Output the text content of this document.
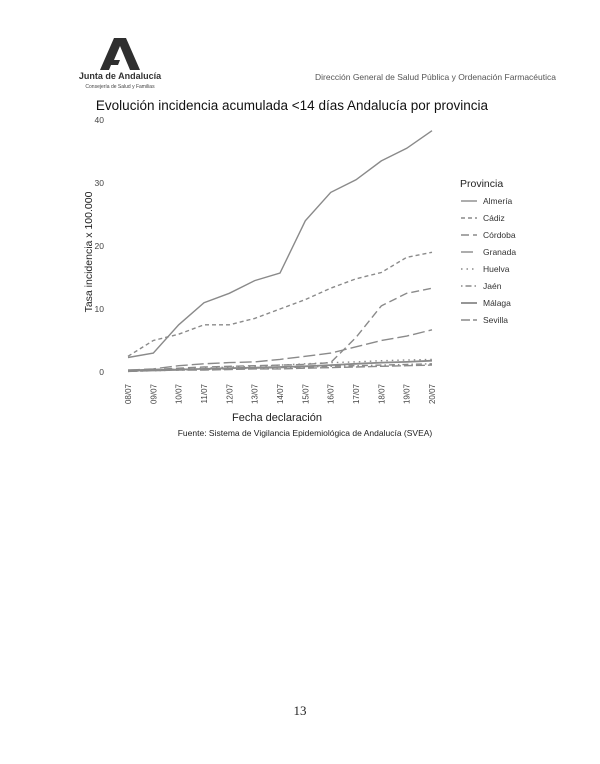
Junta de Andalucía
Consejería de Salud y Familias
Dirección General de Salud Pública y Ordenación Farmacéutica
Evolución incidencia acumulada <14 días Andalucía por provincia
Tasa incidencia x 100.000
Fecha declaración
Fuente: Sistema de Vigilancia Epidemiológica de Andalucía (SVEA)
Provincia
0
10
20
30
40
08/07 09/07 10/07 11/07 12/07 13/07 14/07 15/07 16/07 17/07 18/07 19/07 20/07
Almería
Cádiz
Córdoba
Granada
Huelva
Jaén
Málaga
Sevilla
13
